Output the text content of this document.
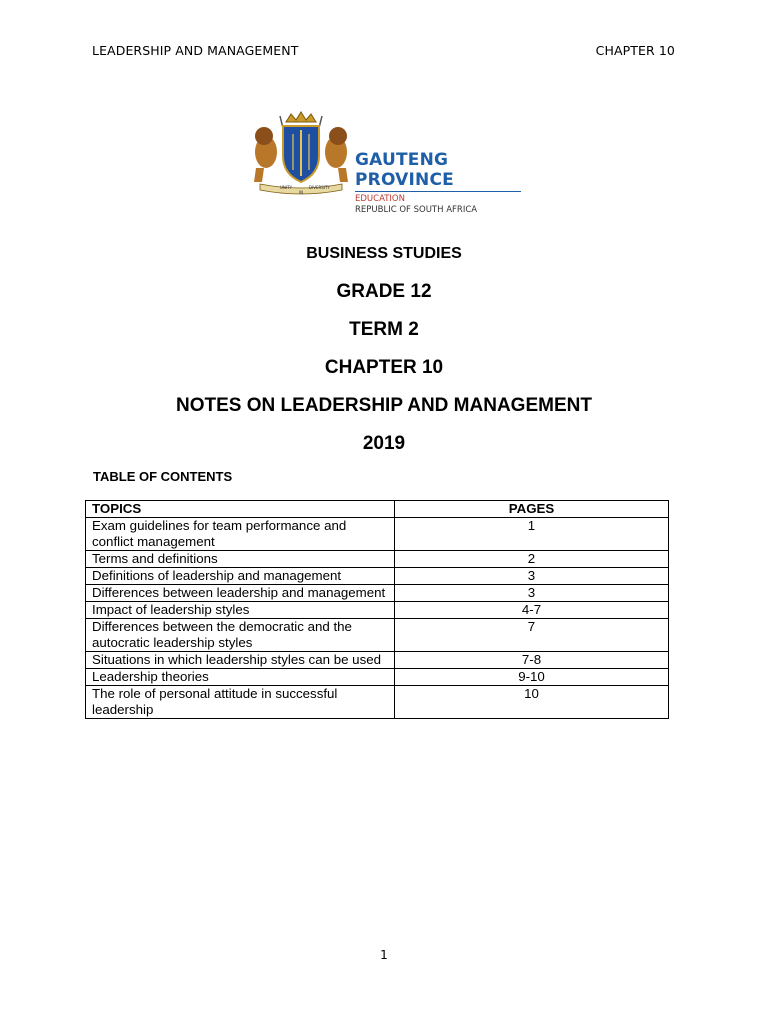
LEADERSHIP AND MANAGEMENT	CHAPTER 10
UNITY
IN
DIVERSITY
GAUTENG PROVINCE
EDUCATION
REPUBLIC OF SOUTH AFRICA
BUSINESS STUDIES
GRADE 12
TERM 2
CHAPTER 10
NOTES ON LEADERSHIP AND MANAGEMENT
2019
TABLE OF CONTENTS
TOPICS	PAGES
Exam guidelines for team performance and conflict management	1
Terms and definitions	2
Definitions of leadership and management	3
Differences between leadership and management	3
Impact of leadership styles	4-7
Differences between the democratic and the autocratic leadership styles	7
Situations in which leadership styles can be used	7-8
Leadership theories	9-10
The role of personal attitude in successful leadership	10
1
